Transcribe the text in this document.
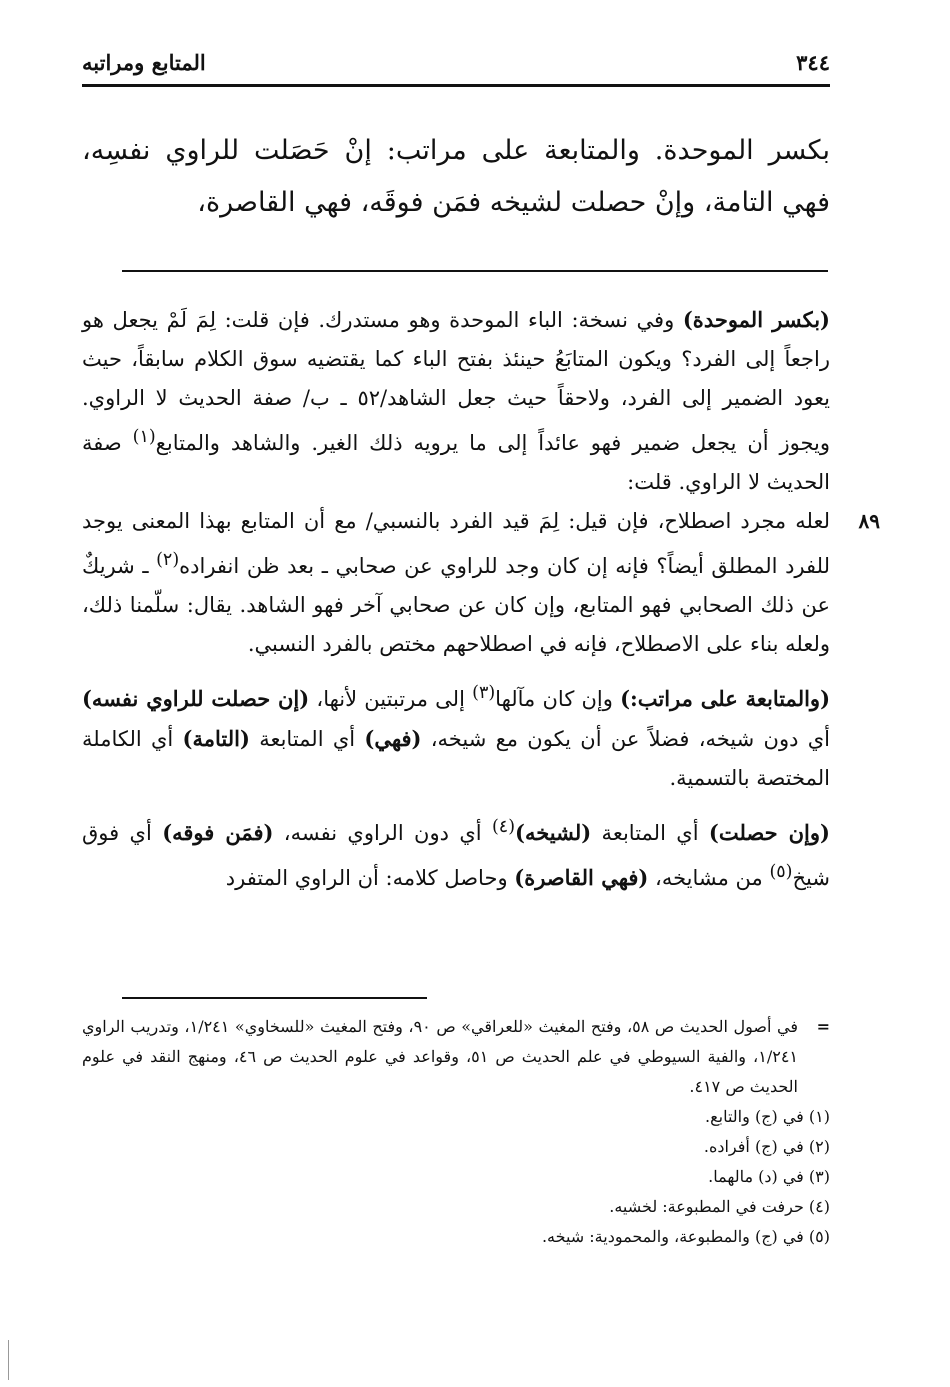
٣٤٤
المتابع ومراتبه

بكسر الموحدة. والمتابعة على مراتب: إنْ حَصَلت للراوي نفسِه، فهي التامة، وإنْ حصلت لشيخه فمَن فوقَه، فهي القاصرة،

(بكسر الموحدة) وفي نسخة: الباء الموحدة وهو مستدرك. فإن قلت: لِمَ لَمْ يجعل هو راجعاً إلى الفرد؟ ويكون المتابَعُ حينئذ بفتح الباء كما يقتضيه سوق الكلام سابقاً، حيث يعود الضمير إلى الفرد، ولاحقاً حيث جعل الشاهد/٥٢ ـ ب/ صفة الحديث لا الراوي. ويجوز أن يجعل ضمير فهو عائداً إلى ما يرويه ذلك الغير. والشاهد والمتابع$^{(١)}$ صفة الحديث لا الراوي. قلت:
٨٩
لعله مجرد اصطلاح، فإن قيل: لِمَ قيد الفرد بالنسبي/ مع أن المتابع بهذا المعنى يوجد للفرد المطلق أيضاً؟ فإنه إن كان وجد للراوي عن صحابي ـ بعد ظن انفراده$^{(٢)}$ ـ شريكٌ عن ذلك الصحابي فهو المتابع، وإن كان عن صحابي آخر فهو الشاهد. يقال: سلّمنا ذلك، ولعله بناء على الاصطلاح، فإنه في اصطلاحهم مختص بالفرد النسبي.

(والمتابعة على مراتب:) وإن كان مآلها$^{(٣)}$ إلى مرتبتين لأنها، (إن حصلت للراوي نفسه) أي دون شيخه، فضلاً عن أن يكون مع شيخه، (فهي) أي المتابعة (التامة) أي الكاملة المختصة بالتسمية.

(وإن حصلت) أي المتابعة (لشيخه)$^{(٤)}$ أي دون الراوي نفسه، (فمَن فوقه) أي فوق شيخ$^{(٥)}$ من مشايخه، (فهي القاصرة) وحاصل كلامه: أن الراوي المتفرد

=
في أصول الحديث ص ٥٨، وفتح المغيث «للعراقي» ص ٩٠، وفتح المغيث «للسخاوي» ١/٢٤١، وتدريب الراوي ١/٢٤١، والفية السيوطي في علم الحديث ص ٥١، وقواعد في علوم الحديث ص ٤٦، ومنهج النقد في علوم الحديث ص ٤١٧.
(١) في (ج) والتابع.
(٢) في (ج) أفراده.
(٣) في (د) مالهما.
(٤) حرفت في المطبوعة: لخشيه.
(٥) في (ج) والمطبوعة، والمحمودية: شيخه.
